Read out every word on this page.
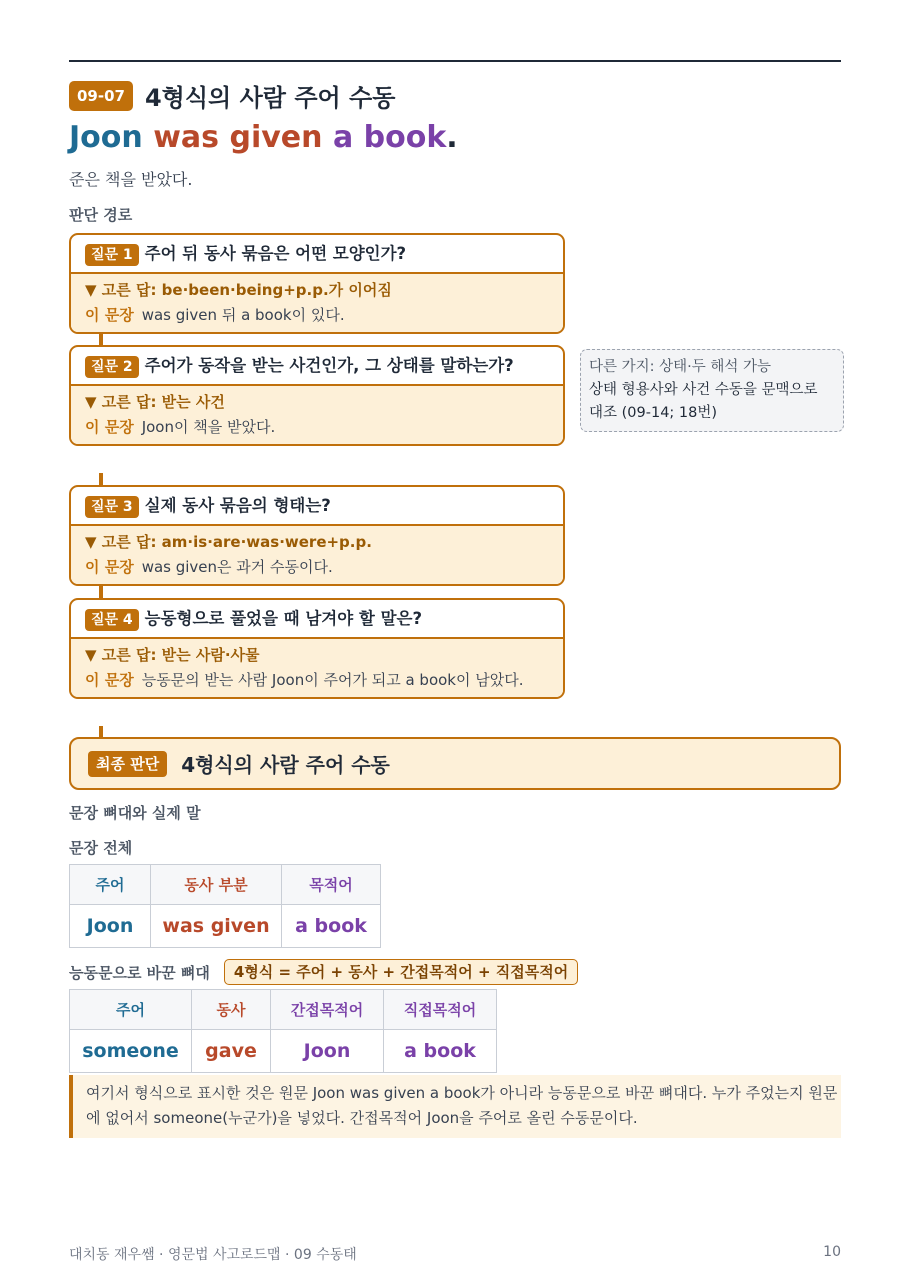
09-07 4형식의 사람 주어 수동
Joon was given a book.
준은 책을 받았다.
판단 경로
질문 1 주어 뒤 동사 묶음은 어떤 모양인가?
▼ 고른 답: be·been·being+p.p.가 이어짐
이 문장 was given 뒤 a book이 있다.
질문 2 주어가 동작을 받는 사건인가, 그 상태를 말하는가?
▼ 고른 답: 받는 사건
이 문장 Joon이 책을 받았다.
다른 가지: 상태·두 해석 가능
상태 형용사와 사건 수동을 문맥으로 대조 (09-14; 18번)
질문 3 실제 동사 묶음의 형태는?
▼ 고른 답: am·is·are·was·were+p.p.
이 문장 was given은 과거 수동이다.
질문 4 능동형으로 풀었을 때 남겨야 할 말은?
▼ 고른 답: 받는 사람·사물
이 문장 능동문의 받는 사람 Joon이 주어가 되고 a book이 남았다.
최종 판단	4형식의 사람 주어 수동
문장 뼈대와 실제 말
문장 전체
주어	동사 부분	목적어
Joon	was given	a book
능동문으로 바꾼 뼈대	4형식 = 주어 + 동사 + 간접목적어 + 직접목적어
주어	동사	간접목적어	직접목적어
someone	gave	Joon	a book
여기서 형식으로 표시한 것은 원문 Joon was given a book가 아니라 능동문으로 바꾼 뼈대다. 누가 주었는지 원문에 없어서 someone(누군가)을 넣었다. 간접목적어 Joon을 주어로 올린 수동문이다.
대치동 재우쌤 · 영문법 사고로드맵 · 09 수동태	10
